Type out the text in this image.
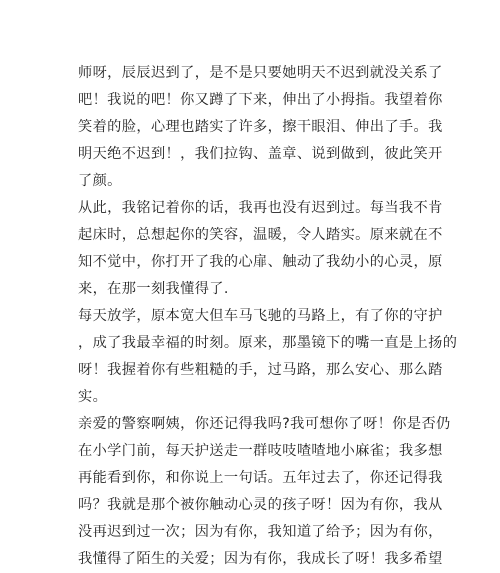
师呀，辰辰迟到了，是不是只要她明天不迟到就没关系了
吧！我说的吧！你又蹲了下来，伸出了小拇指。我望着你
笑着的脸，心理也踏实了许多，擦干眼泪、伸出了手。我
明天绝不迟到！，我们拉钩、盖章、说到做到，彼此笑开
了颜。
从此，我铭记着你的话，我再也没有迟到过。每当我不肯
起床时，总想起你的笑容，温暖，令人踏实。原来就在不
知不觉中，你打开了我的心扉、触动了我幼小的心灵，原
来，在那一刻我懂得了.
每天放学，原本宽大但车马飞驰的马路上，有了你的守护
，成了我最幸福的时刻。原来，那墨镜下的嘴一直是上扬的
呀！我握着你有些粗糙的手，过马路，那么安心、那么踏
实。
亲爱的警察啊姨，你还记得我吗?我可想你了呀！你是否仍
在小学门前，每天护送走一群吱吱喳喳地小麻雀；我多想
再能看到你，和你说上一句话。五年过去了，你还记得我
吗？我就是那个被你触动心灵的孩子呀！因为有你，我从
没再迟到过一次；因为有你，我知道了给予；因为有你，
我懂得了陌生的关爱；因为有你，我成长了呀！我多希望
